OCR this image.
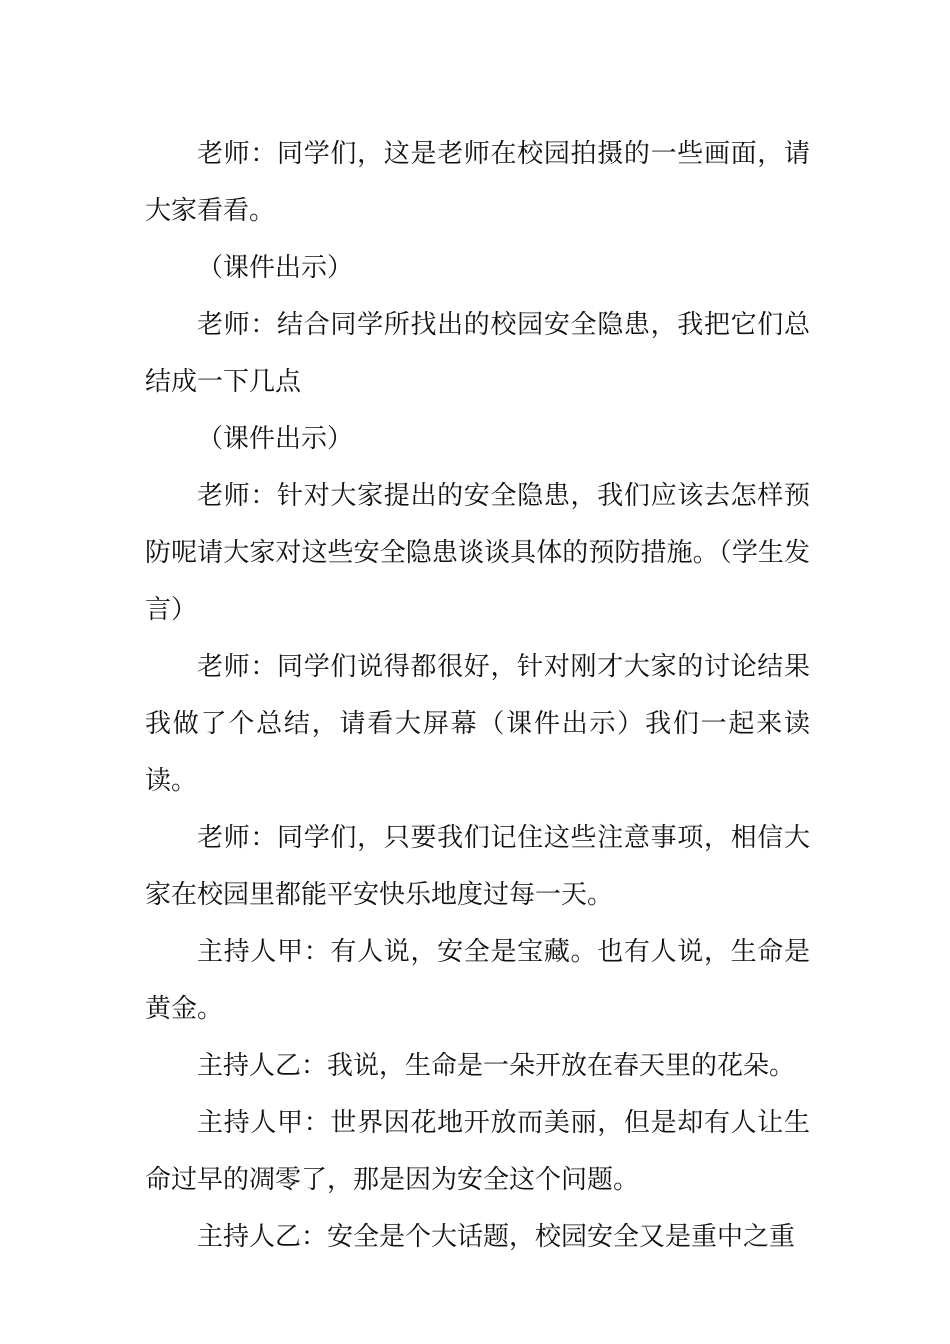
老师：同学们，这是老师在校园拍摄的一些画面，请大家看看。

（课件出示）

老师：结合同学所找出的校园安全隐患，我把它们总结成一下几点

（课件出示）

老师：针对大家提出的安全隐患，我们应该去怎样预防呢请大家对这些安全隐患谈谈具体的预防措施。（学生发言）

老师：同学们说得都很好，针对刚才大家的讨论结果我做了个总结，请看大屏幕（课件出示）我们一起来读读。

老师：同学们，只要我们记住这些注意事项，相信大家在校园里都能平安快乐地度过每一天。

主持人甲：有人说，安全是宝藏。也有人说，生命是黄金。

主持人乙：我说，生命是一朵开放在春天里的花朵。

主持人甲：世界因花地开放而美丽，但是却有人让生命过早的凋零了，那是因为安全这个问题。

主持人乙：安全是个大话题，校园安全又是重中之重
